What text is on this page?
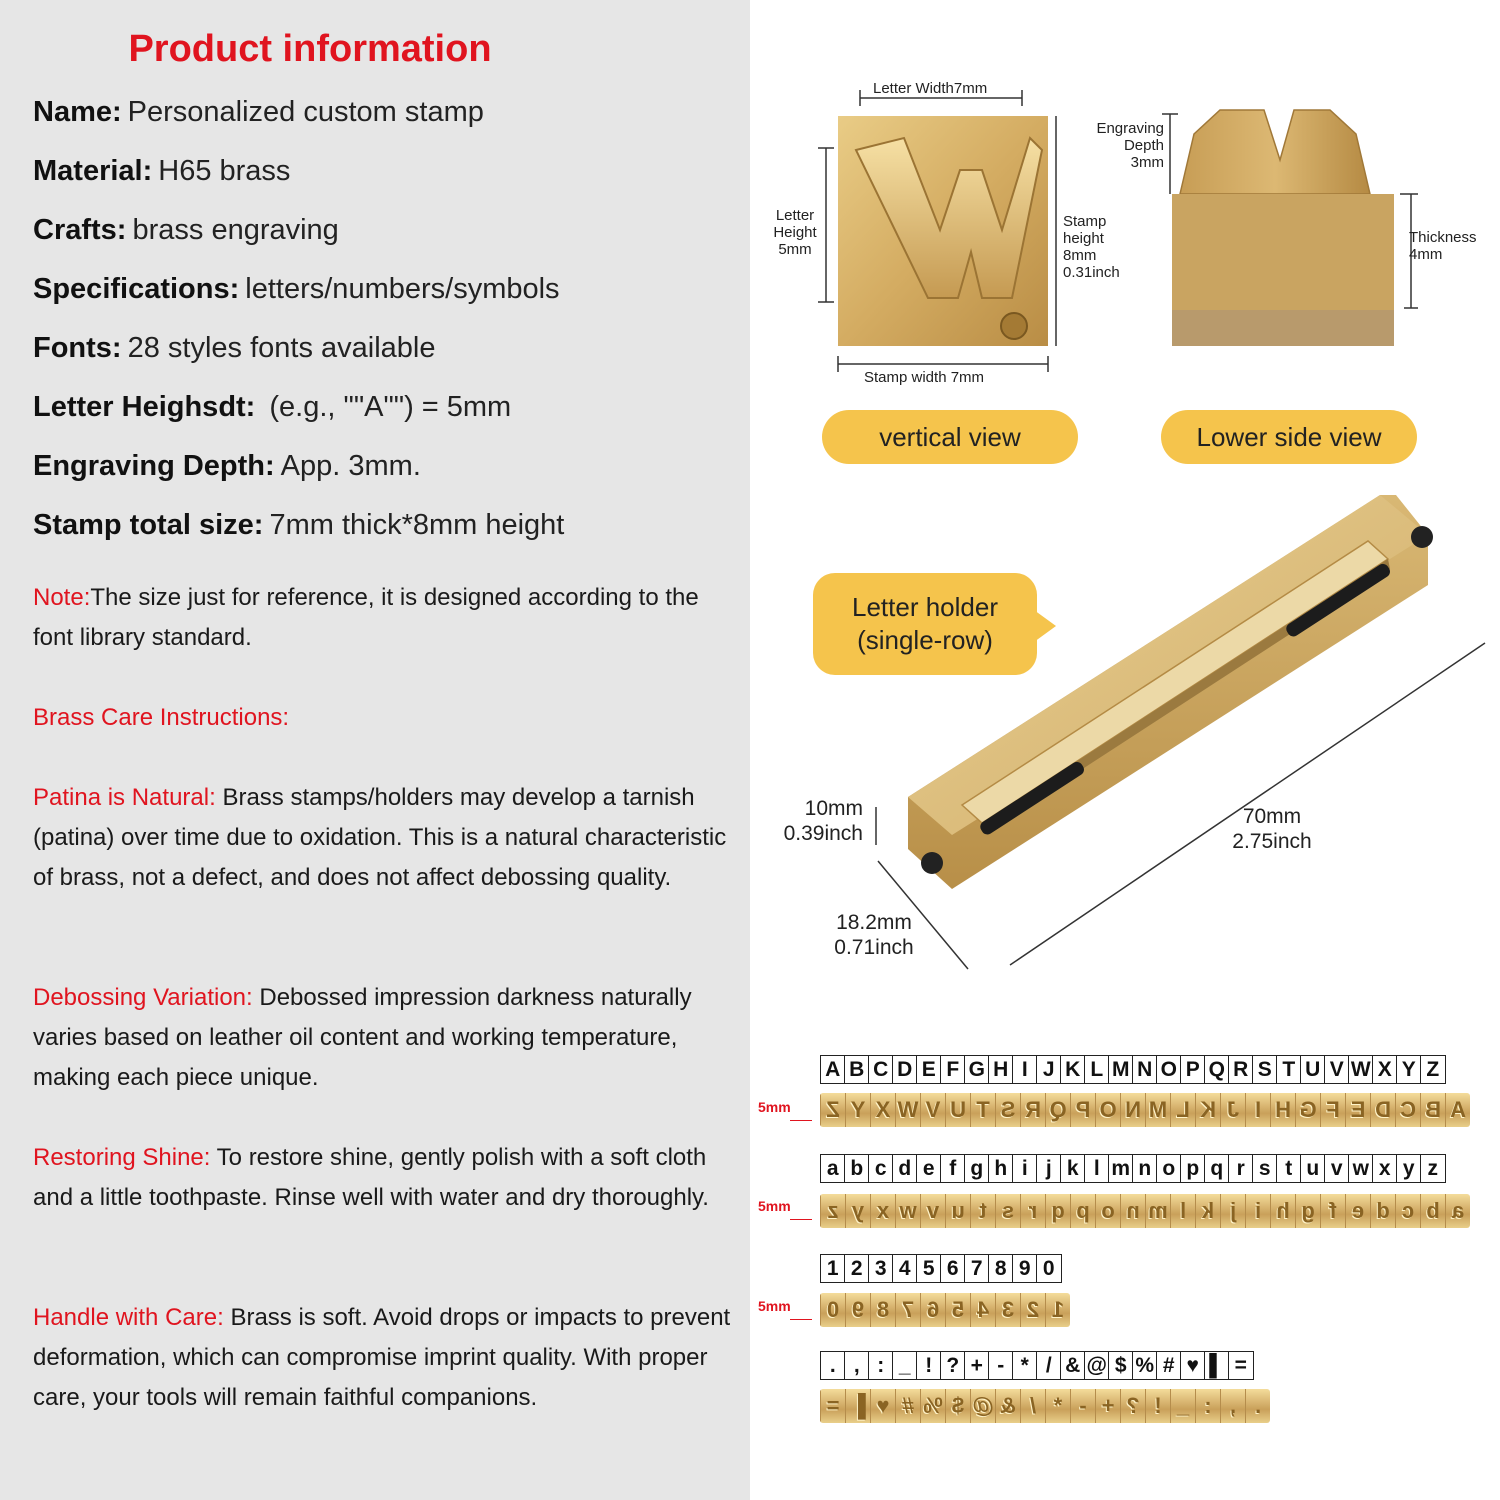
Product information
Name: Personalized custom stamp
Material: H65 brass
Crafts: brass engraving
Specifications: letters/numbers/symbols
Fonts: 28 styles fonts available
Letter Heighsdt: (e.g., ""A"") = 5mm
Engraving Depth: App. 3mm.
Stamp total size: 7mm thick*8mm height
Note:The size just for reference, it is designed according to the font library standard.
Brass Care Instructions:
Patina is Natural: Brass stamps/holders may develop a tarnish (patina) over time due to oxidation. This is a natural characteristic of brass, not a defect, and does not affect debossing quality.
Debossing Variation: Debossed impression darkness naturally varies based on leather oil content and working temperature, making each piece unique.
Restoring Shine: To restore shine, gently polish with a soft cloth and a little toothpaste. Rinse well with water and dry thoroughly.
Handle with Care: Brass is soft. Avoid drops or impacts to prevent deformation, which can compromise imprint quality. With proper care, your tools will remain faithful companions.
Letter Width7mm
Letter
Height
5mm
Stamp
height
8mm
0.31inch
Stamp width 7mm
vertical view
Engraving
Depth
3mm
Thickness
4mm
Lower side view
Letter holder
(single-row)
10mm
0.39inch
70mm
2.75inch
18.2mm
0.71inch
A B C D E F G H I J K L M N O P Q R S T U V W X Y Z
5mm Z Y X W V U T S R Q P O N M L K J I H G F E D C B A
a b c d e f g h i j k l m n o p q r s t u v w x y z
5mm	z y x w v u t s r q p o n m l k j i h g f e d c b a
1 2 3 4 5 6 7 8 9 0
5mm	0 9 8 7 6 5 4 3 2 1
. , : _ ! ? + - * / & @ $ % # ♥ ▌ =
= ▌ ♥ # % $ @ & / * - + ? ! _ : , .
